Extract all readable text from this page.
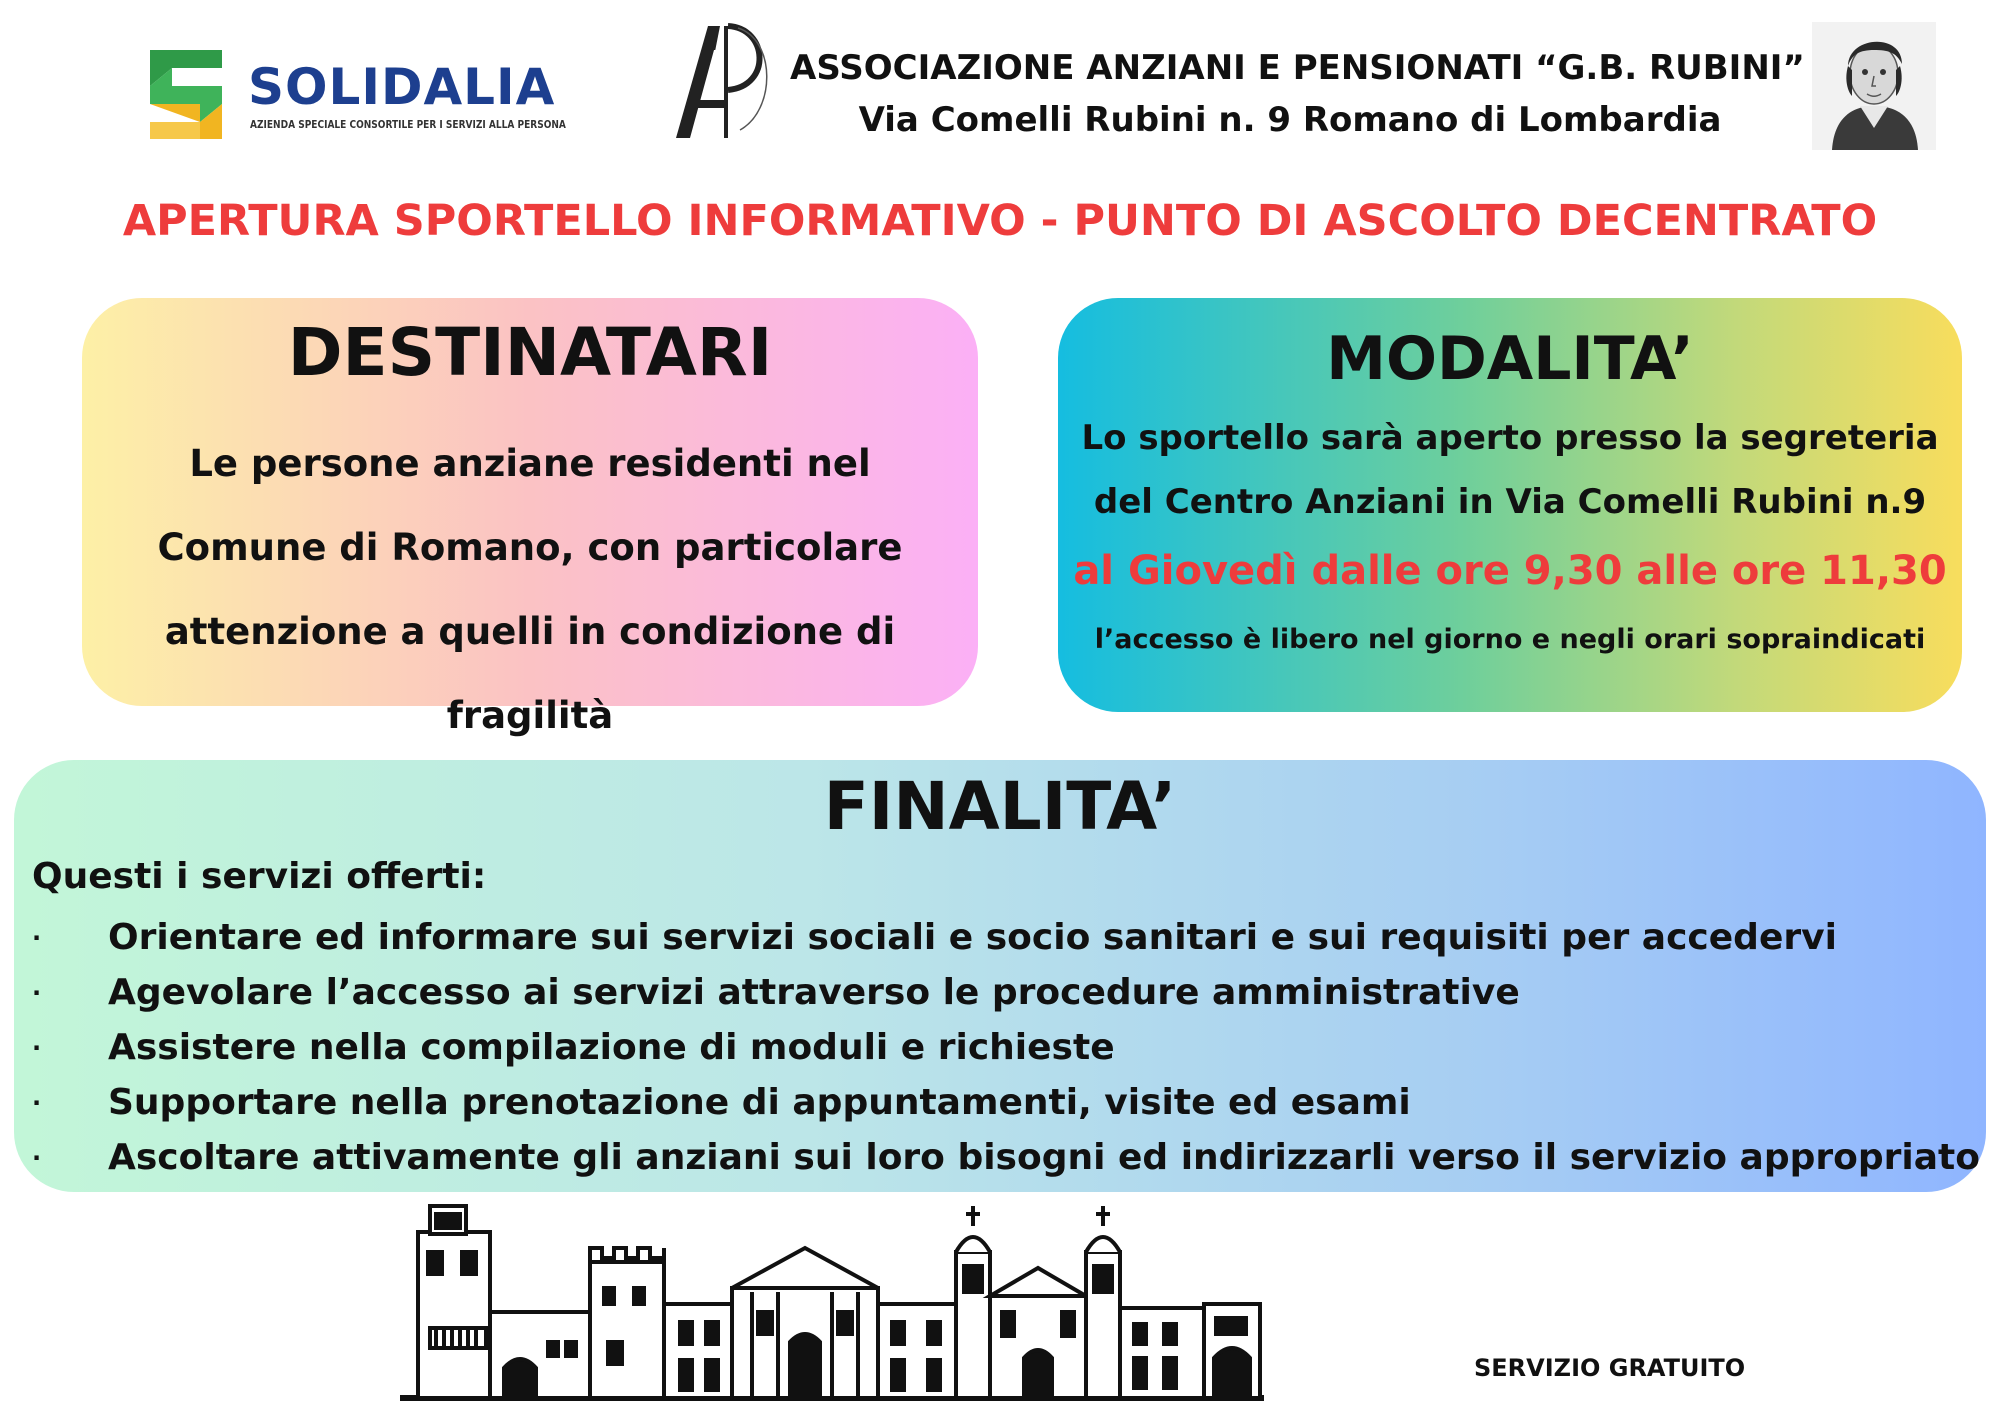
SOLIDALIA
AZIENDA SPECIALE CONSORTILE PER I SERVIZI ALLA PERSONA
ASSOCIAZIONE ANZIANI E PENSIONATI “G.B. RUBINI”
Via Comelli Rubini n. 9 Romano di Lombardia
APERTURA SPORTELLO INFORMATIVO - PUNTO DI ASCOLTO DECENTRATO
DESTINATARI
Le persone anziane residenti nel Comune di Romano, con particolare attenzione a quelli in condizione di fragilità
MODALITA’
Lo sportello sarà aperto presso la segreteria
del Centro Anziani in Via Comelli Rubini n.9
al Giovedì dalle ore 9,30 alle ore 11,30
l’accesso è libero nel giorno e negli orari sopraindicati
FINALITA’
Questi i servizi offerti:
·	Orientare ed informare sui servizi sociali e socio sanitari e sui requisiti per accedervi
·	Agevolare l’accesso ai servizi attraverso le procedure amministrative
·	Assistere nella compilazione di moduli e richieste
·	Supportare nella prenotazione di appuntamenti, visite ed esami
·	Ascoltare attivamente gli anziani sui loro bisogni ed indirizzarli verso il servizio appropriato
SERVIZIO GRATUITO
